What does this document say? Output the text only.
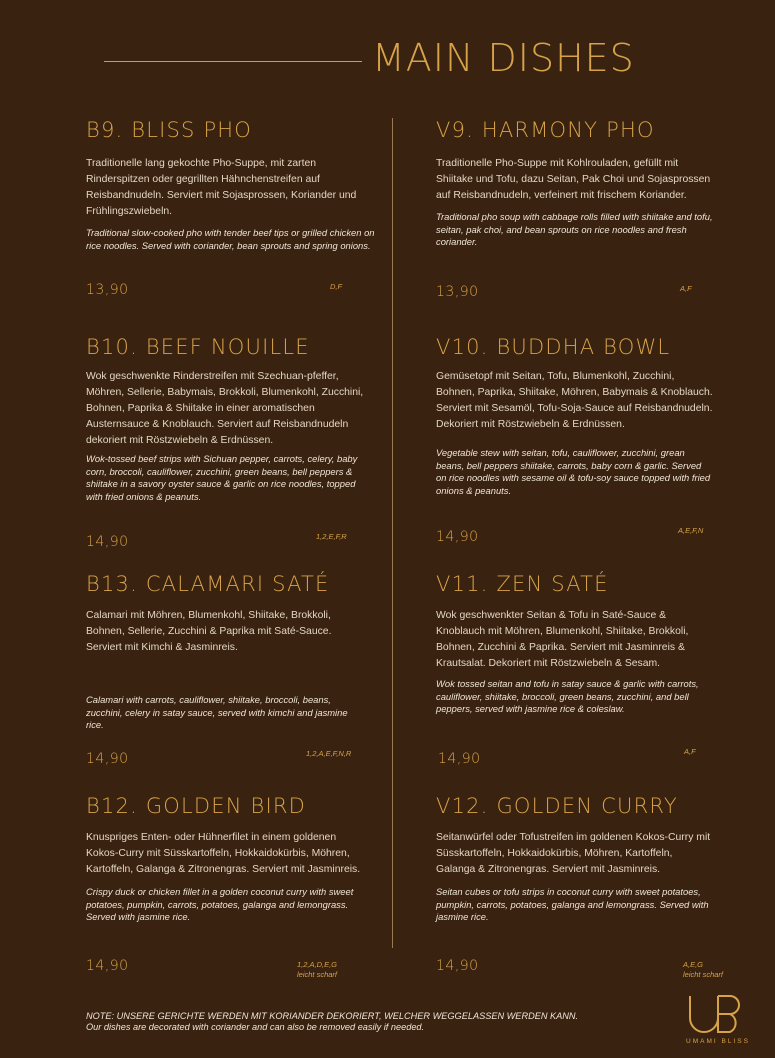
MAIN DISHES
B9. BLISS PHO
Traditionelle lang gekochte Pho-Suppe, mit zarten Rinderspitzen oder gegrillten Hähnchenstreifen auf Reisbandnudeln. Serviert mit Sojasprossen, Koriander und Frühlingszwiebeln.
Traditional slow-cooked pho with tender beef tips or grilled chicken on rice noodles. Served with coriander, bean sprouts and spring onions.
13,90	D,F
V9. HARMONY PHO
Traditionelle Pho-Suppe mit Kohlrouladen, gefüllt mit Shiitake und Tofu, dazu Seitan, Pak Choi und Sojasprossen auf Reisbandnudeln, verfeinert mit frischem Koriander.
Traditional pho soup with cabbage rolls filled with shiitake and tofu, seitan, pak choi, and bean sprouts on rice noodles and fresh coriander.
13,90	A,F
B10. BEEF NOUILLE
Wok geschwenkte Rinderstreifen mit Szechuan-pfeffer, Möhren, Sellerie, Babymais, Brokkoli, Blumenkohl, Zucchini, Bohnen, Paprika & Shiitake in einer aromatischen Austernsauce & Knoblauch. Serviert auf Reisbandnudeln dekoriert mit Röstzwiebeln & Erdnüssen.
Wok-tossed beef strips with Sichuan pepper, carrots, celery, baby corn, broccoli, cauliflower, zucchini, green beans, bell peppers & shiitake in a savory oyster sauce & garlic on rice noodles, topped with fried onions & peanuts.
14,90	1,2,E,F,R
V10. BUDDHA BOWL
Gemüsetopf mit Seitan, Tofu, Blumenkohl, Zucchini, Bohnen, Paprika, Shiitake, Möhren, Babymais & Knoblauch. Serviert mit Sesamöl, Tofu-Soja-Sauce auf Reisbandnudeln. Dekoriert mit Röstzwiebeln & Erdnüssen.
Vegetable stew with seitan, tofu, cauliflower, zucchini, grean beans, bell peppers shiitake, carrots, baby corn & garlic. Served on rice noodles with sesame oil & tofu-soy sauce topped with fried onions & peanuts.
14,90	A,E,F,N
B13. CALAMARI SATÉ
Calamari mit Möhren, Blumenkohl, Shiitake, Brokkoli, Bohnen, Sellerie, Zucchini & Paprika mit Saté-Sauce. Serviert mit Kimchi & Jasminreis.
Calamari with carrots, cauliflower, shiitake, broccoli, beans, zucchini, celery in satay sauce, served with kimchi and jasmine rice.
14,90	1,2,A,E,F,N,R
V11. ZEN SATÉ
Wok geschwenkter Seitan & Tofu in Saté-Sauce & Knoblauch mit Möhren, Blumenkohl, Shiitake, Brokkoli, Bohnen, Zucchini & Paprika. Serviert mit Jasminreis & Krautsalat. Dekoriert mit Röstzwiebeln & Sesam.
Wok tossed seitan and tofu in satay sauce & garlic with carrots, cauliflower, shiitake, broccoli, green beans, zucchini, and bell peppers, served with jasmine rice & coleslaw.
14,90	A,F
B12. GOLDEN BIRD
Knuspriges Enten- oder Hühnerfilet in einem goldenen Kokos-Curry mit Süsskartoffeln, Hokkaidokürbis, Möhren, Kartoffeln, Galanga & Zitronengras. Serviert mit Jasminreis.
Crispy duck or chicken fillet in a golden coconut curry with sweet potatoes, pumpkin, carrots, potatoes, galanga and lemongrass. Served with jasmine rice.
14,90	1,2,A,D,E,G
leicht scharf
V12. GOLDEN CURRY
Seitanwürfel oder Tofustreifen im goldenen Kokos-Curry mit Süsskartoffeln, Hokkaidokürbis, Möhren, Kartoffeln, Galanga & Zitronengras. Serviert mit Jasminreis.
Seitan cubes or tofu strips in coconut curry with sweet potatoes, pumpkin, carrots, potatoes, galanga and lemongrass. Served with jasmine rice.
14,90	A,E,G
leicht scharf
NOTE: UNSERE GERICHTE WERDEN MIT KORIANDER DEKORIERT, WELCHER WEGGELASSEN WERDEN KANN.
Our dishes are decorated with coriander and can also be removed easily if needed.
UMAMI BLISS
